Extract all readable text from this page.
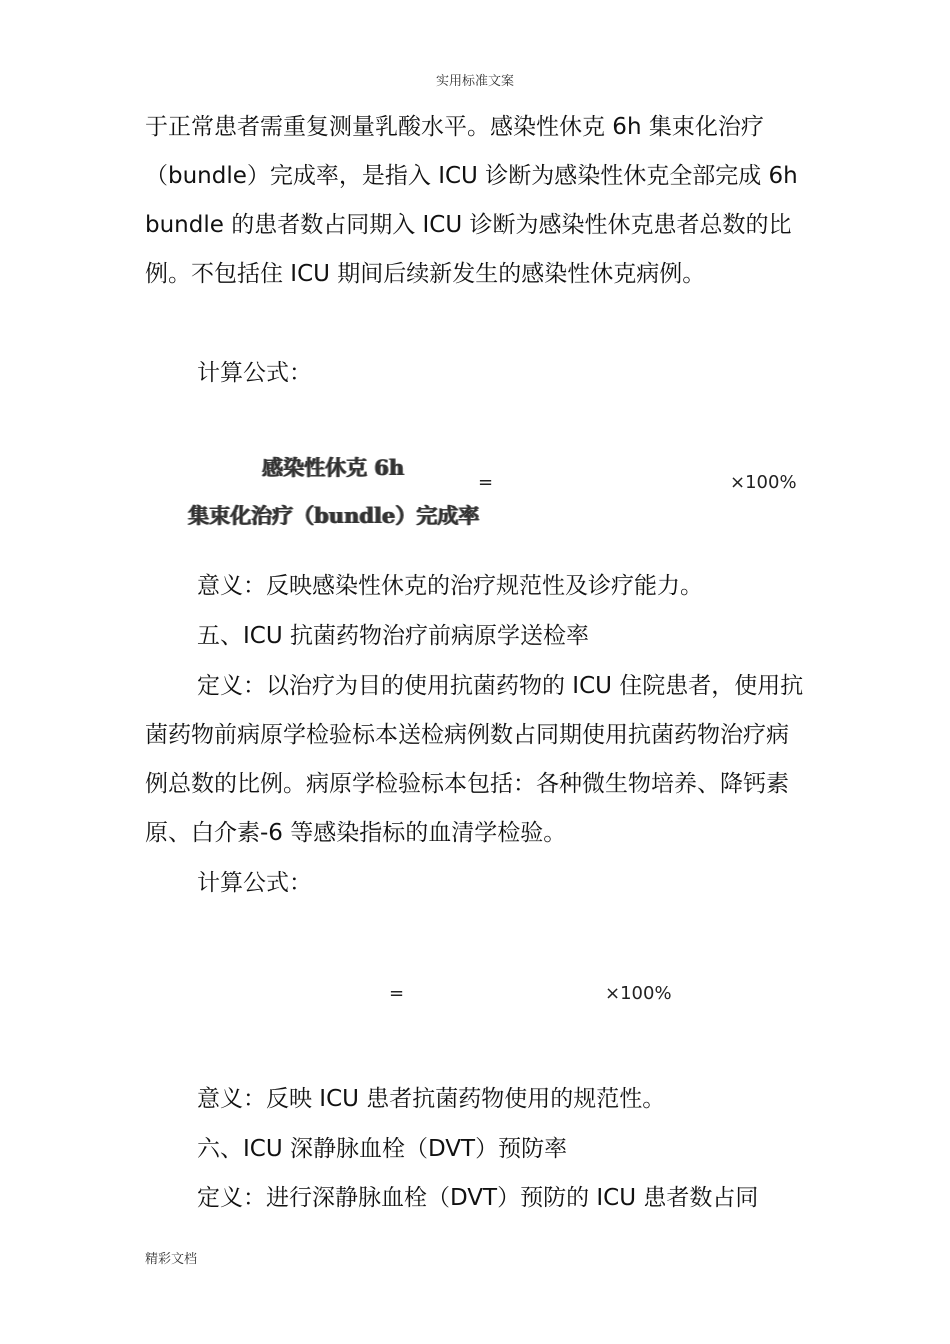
实用标准文案

于正常患者需重复测量乳酸水平。感染性休克 6h 集束化治疗（bundle）完成率，是指入 ICU 诊断为感染性休克全部完成 6h bundle 的患者数占同期入 ICU 诊断为感染性休克患者总数的比例。不包括住 ICU 期间后续新发生的感染性休克病例。

计算公式：
感染性休克 6h
集束化治疗（bundle）完成率
=	×100%
意义：反映感染性休克的治疗规范性及诊疗能力。
五、ICU 抗菌药物治疗前病原学送检率

定义：以治疗为目的使用抗菌药物的 ICU 住院患者，使用抗菌药物前病原学检验标本送检病例数占同期使用抗菌药物治疗病例总数的比例。病原学检验标本包括：各种微生物培养、降钙素原、白介素-6 等感染指标的血清学检验。

计算公式：
=	×100%
意义：反映 ICU 患者抗菌药物使用的规范性。
六、ICU 深静脉血栓（DVT）预防率
定义：进行深静脉血栓（DVT）预防的 ICU 患者数占同
精彩文档
